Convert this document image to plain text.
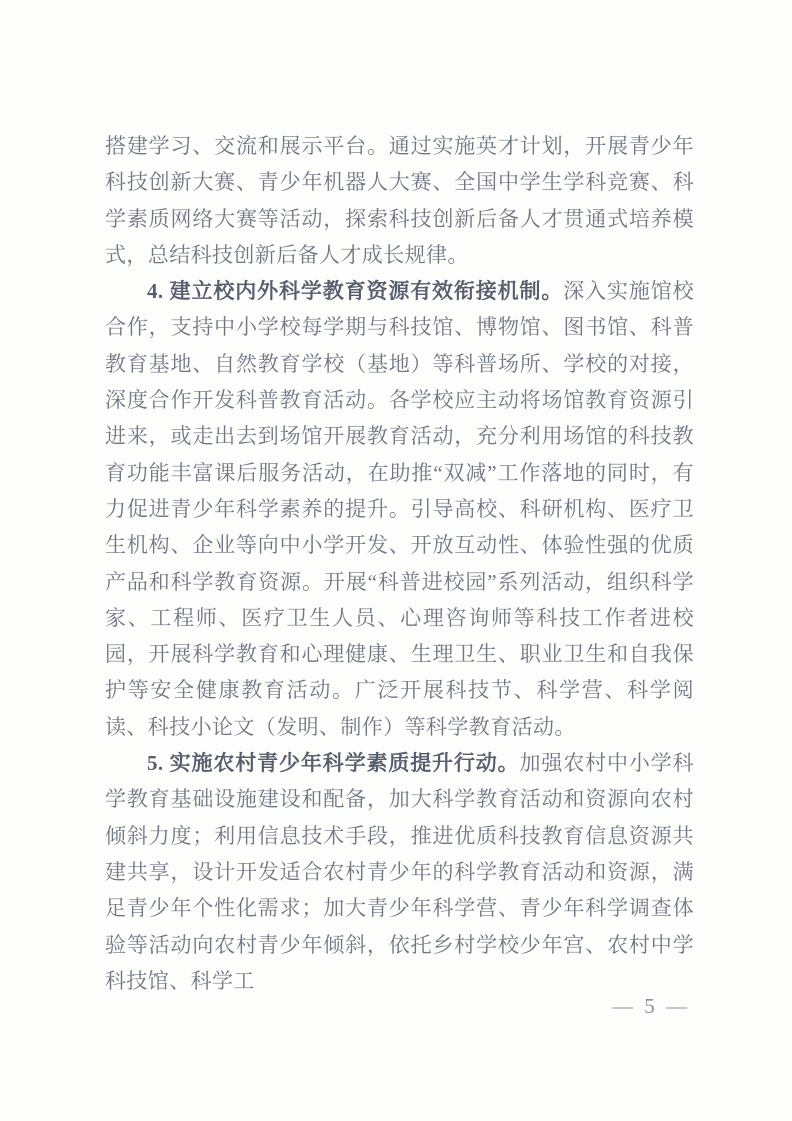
搭建学习、交流和展示平台。通过实施英才计划，开展青少年科技创新大赛、青少年机器人大赛、全国中学生学科竞赛、科学素质网络大赛等活动，探索科技创新后备人才贯通式培养模式，总结科技创新后备人才成长规律。

4. 建立校内外科学教育资源有效衔接机制。深入实施馆校合作，支持中小学校每学期与科技馆、博物馆、图书馆、科普教育基地、自然教育学校（基地）等科普场所、学校的对接，深度合作开发科普教育活动。各学校应主动将场馆教育资源引进来，或走出去到场馆开展教育活动，充分利用场馆的科技教育功能丰富课后服务活动，在助推“双减”工作落地的同时，有力促进青少年科学素养的提升。引导高校、科研机构、医疗卫生机构、企业等向中小学开发、开放互动性、体验性强的优质产品和科学教育资源。开展“科普进校园”系列活动，组织科学家、工程师、医疗卫生人员、心理咨询师等科技工作者进校园，开展科学教育和心理健康、生理卫生、职业卫生和自我保护等安全健康教育活动。广泛开展科技节、科学营、科学阅读、科技小论文（发明、制作）等科学教育活动。

5. 实施农村青少年科学素质提升行动。加强农村中小学科学教育基础设施建设和配备，加大科学教育活动和资源向农村倾斜力度；利用信息技术手段，推进优质科技教育信息资源共建共享，设计开发适合农村青少年的科学教育活动和资源，满足青少年个性化需求；加大青少年科学营、青少年科学调查体验等活动向农村青少年倾斜，依托乡村学校少年宫、农村中学科技馆、科学工

— 5 —
